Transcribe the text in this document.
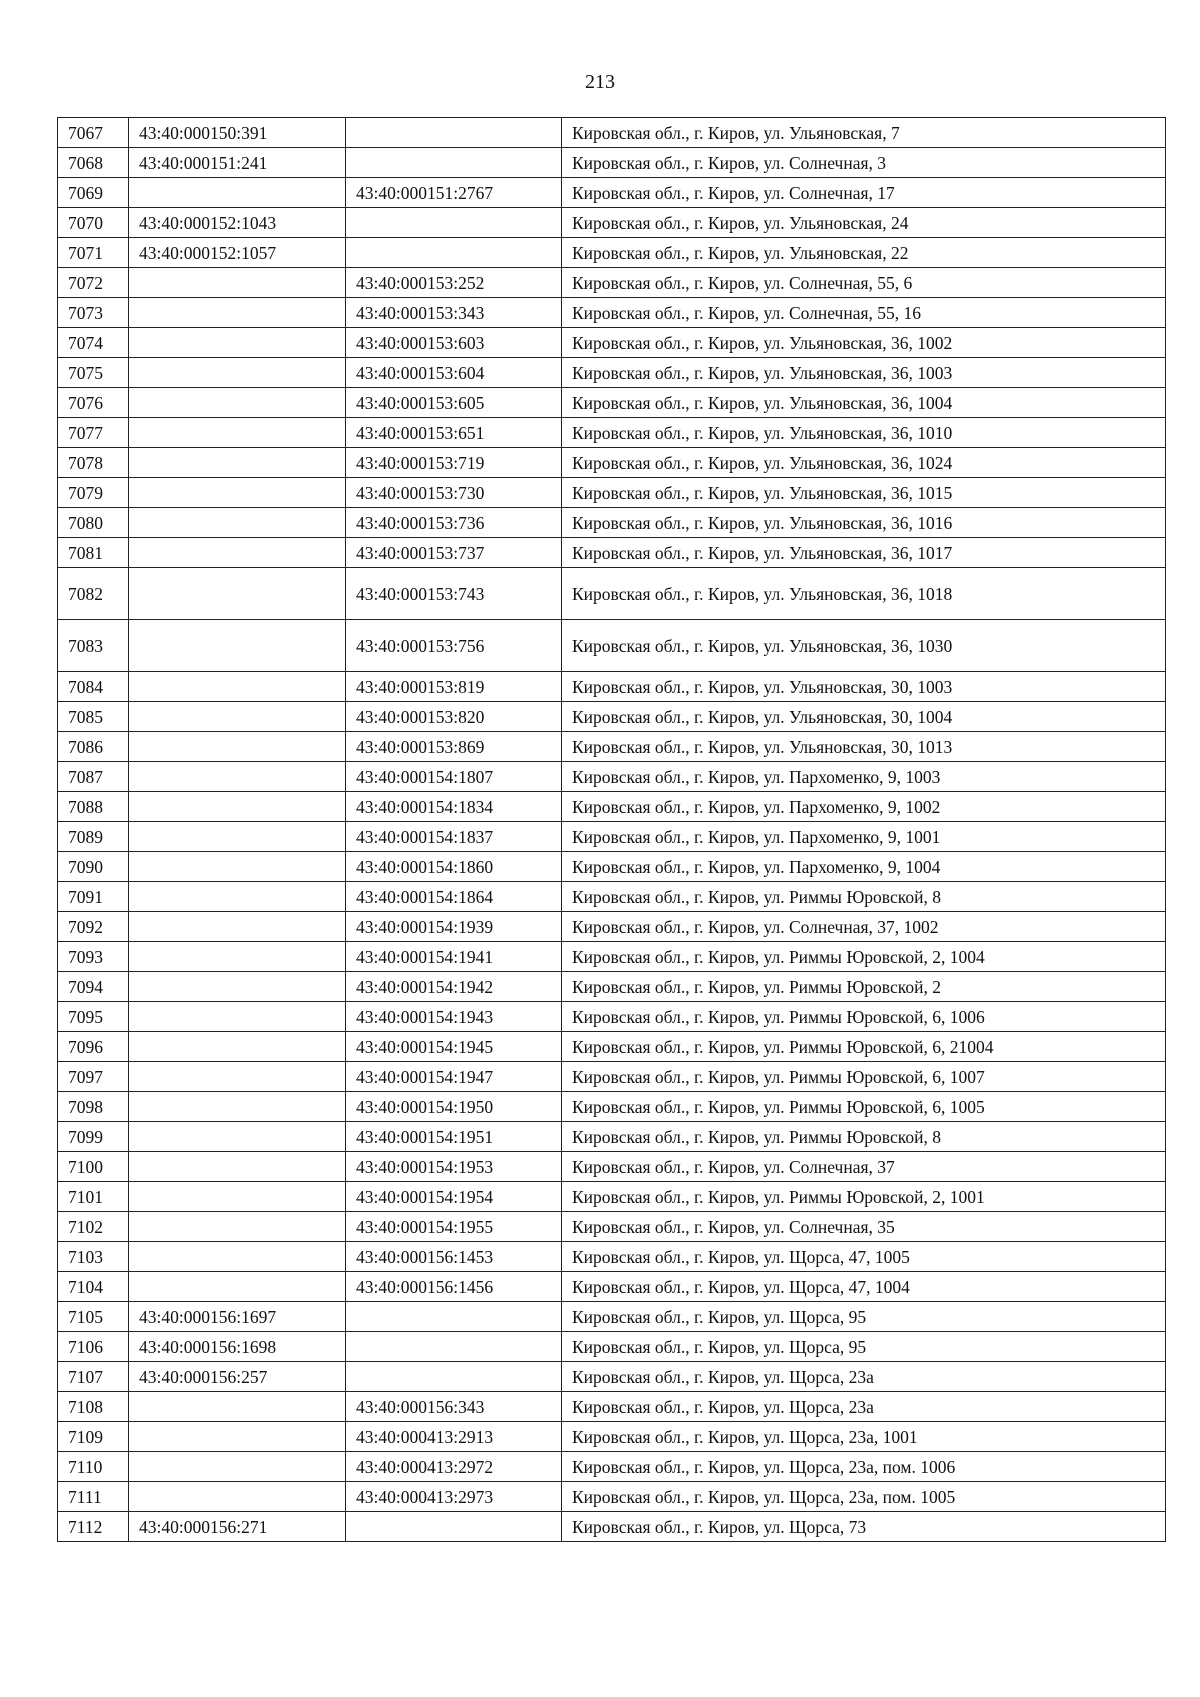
213
7067	43:40:000150:391		Кировская обл., г. Киров, ул. Ульяновская, 7
7068	43:40:000151:241		Кировская обл., г. Киров, ул. Солнечная, 3
7069		43:40:000151:2767	Кировская обл., г. Киров, ул. Солнечная, 17
7070	43:40:000152:1043		Кировская обл., г. Киров, ул. Ульяновская, 24
7071	43:40:000152:1057		Кировская обл., г. Киров, ул. Ульяновская, 22
7072		43:40:000153:252	Кировская обл., г. Киров, ул. Солнечная, 55, 6
7073		43:40:000153:343	Кировская обл., г. Киров, ул. Солнечная, 55, 16
7074		43:40:000153:603	Кировская обл., г. Киров, ул. Ульяновская, 36, 1002
7075		43:40:000153:604	Кировская обл., г. Киров, ул. Ульяновская, 36, 1003
7076		43:40:000153:605	Кировская обл., г. Киров, ул. Ульяновская, 36, 1004
7077		43:40:000153:651	Кировская обл., г. Киров, ул. Ульяновская, 36, 1010
7078		43:40:000153:719	Кировская обл., г. Киров, ул. Ульяновская, 36, 1024
7079		43:40:000153:730	Кировская обл., г. Киров, ул. Ульяновская, 36, 1015
7080		43:40:000153:736	Кировская обл., г. Киров, ул. Ульяновская, 36, 1016
7081		43:40:000153:737	Кировская обл., г. Киров, ул. Ульяновская, 36, 1017
7082		43:40:000153:743	Кировская обл., г. Киров, ул. Ульяновская, 36, 1018
7083		43:40:000153:756	Кировская обл., г. Киров, ул. Ульяновская, 36, 1030
7084		43:40:000153:819	Кировская обл., г. Киров, ул. Ульяновская, 30, 1003
7085		43:40:000153:820	Кировская обл., г. Киров, ул. Ульяновская, 30, 1004
7086		43:40:000153:869	Кировская обл., г. Киров, ул. Ульяновская, 30, 1013
7087		43:40:000154:1807	Кировская обл., г. Киров, ул. Пархоменко, 9, 1003
7088		43:40:000154:1834	Кировская обл., г. Киров, ул. Пархоменко, 9, 1002
7089		43:40:000154:1837	Кировская обл., г. Киров, ул. Пархоменко, 9, 1001
7090		43:40:000154:1860	Кировская обл., г. Киров, ул. Пархоменко, 9, 1004
7091		43:40:000154:1864	Кировская обл., г. Киров, ул. Риммы Юровской, 8
7092		43:40:000154:1939	Кировская обл., г. Киров, ул. Солнечная, 37, 1002
7093		43:40:000154:1941	Кировская обл., г. Киров, ул. Риммы Юровской, 2, 1004
7094		43:40:000154:1942	Кировская обл., г. Киров, ул. Риммы Юровской, 2
7095		43:40:000154:1943	Кировская обл., г. Киров, ул. Риммы Юровской, 6, 1006
7096		43:40:000154:1945	Кировская обл., г. Киров, ул. Риммы Юровской, 6, 21004
7097		43:40:000154:1947	Кировская обл., г. Киров, ул. Риммы Юровской, 6, 1007
7098		43:40:000154:1950	Кировская обл., г. Киров, ул. Риммы Юровской, 6, 1005
7099		43:40:000154:1951	Кировская обл., г. Киров, ул. Риммы Юровской, 8
7100		43:40:000154:1953	Кировская обл., г. Киров, ул. Солнечная, 37
7101		43:40:000154:1954	Кировская обл., г. Киров, ул. Риммы Юровской, 2, 1001
7102		43:40:000154:1955	Кировская обл., г. Киров, ул. Солнечная, 35
7103		43:40:000156:1453	Кировская обл., г. Киров, ул. Щорса, 47, 1005
7104		43:40:000156:1456	Кировская обл., г. Киров, ул. Щорса, 47, 1004
7105	43:40:000156:1697		Кировская обл., г. Киров, ул. Щорса, 95
7106	43:40:000156:1698		Кировская обл., г. Киров, ул. Щорса, 95
7107	43:40:000156:257		Кировская обл., г. Киров, ул. Щорса, 23а
7108		43:40:000156:343	Кировская обл., г. Киров, ул. Щорса, 23а
7109		43:40:000413:2913	Кировская обл., г. Киров, ул. Щорса, 23а, 1001
7110		43:40:000413:2972	Кировская обл., г. Киров, ул. Щорса, 23а, пом. 1006
7111		43:40:000413:2973	Кировская обл., г. Киров, ул. Щорса, 23а, пом. 1005
7112	43:40:000156:271		Кировская обл., г. Киров, ул. Щорса, 73
